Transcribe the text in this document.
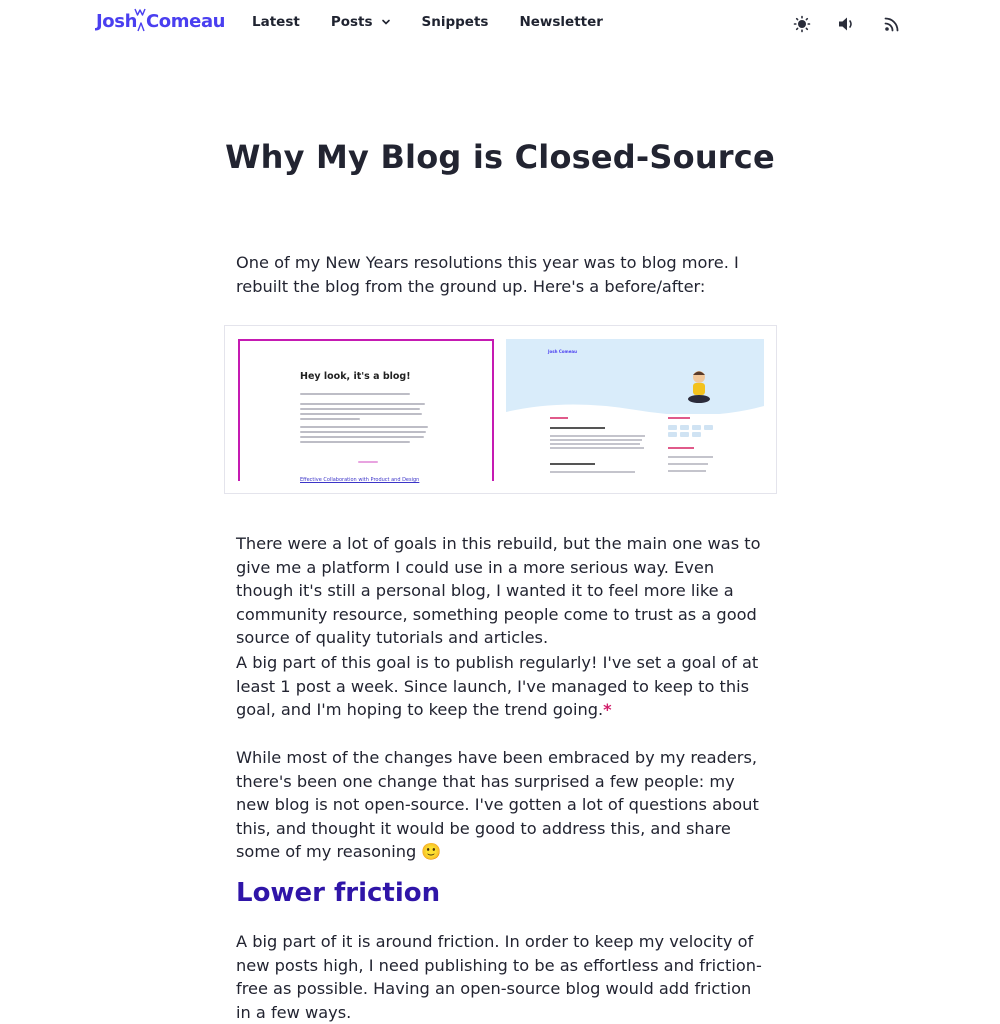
Josh Comeau Latest Posts	Snippets Newsletter
Why My Blog is Closed-Source

One of my New Years resolutions this year was to blog more. I rebuilt the blog from the ground up. Here's a before/after:

Hey look, it's a blog!
Effective Collaboration with Product and Design
Josh Comeau

There were a lot of goals in this rebuild, but the main one was to give me a platform I could use in a more serious way. Even though it's still a personal blog, I wanted it to feel more like a community resource, something people come to trust as a good source of quality tutorials and articles.

A big part of this goal is to publish regularly! I've set a goal of at least 1 post a week. Since launch, I've managed to keep to this goal, and I'm hoping to keep the trend going.*

While most of the changes have been embraced by my readers, there's been one change that has surprised a few people: my new blog is not open-source. I've gotten a lot of questions about this, and thought it would be good to address this, and share some of my reasoning 🙂

Lower friction

A big part of it is around friction. In order to keep my velocity of new posts high, I need publishing to be as effortless and friction-free as possible. Having an open-source blog would add friction in a few ways.
